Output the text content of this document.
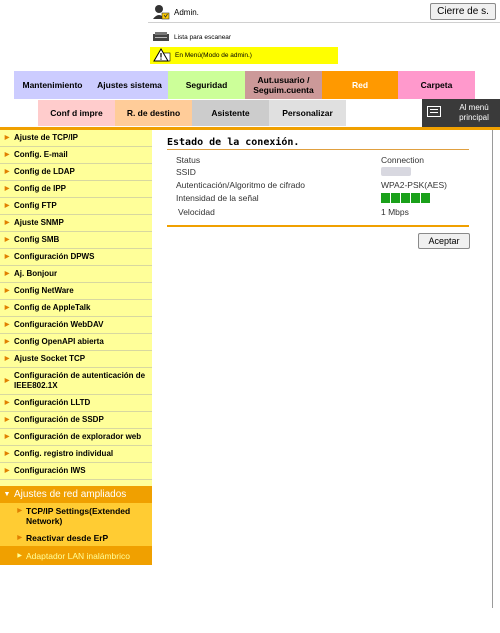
Admin.	Cierre de s.
Lista para escanear
En Menú(Modo de admin.)
Mantenimiento	Ajustes sistema	Seguridad	Aut.usuario / Seguim.cuenta	Red	Carpeta
Conf d impre	R. de destino	Asistente	Personalizar
Al menú principal
▶ Ajuste de TCP/IP
▶ Config. E-mail
▶ Config de LDAP
▶ Config de IPP
▶ Config FTP
▶ Ajuste SNMP
▶ Config SMB
▶ Configuración DPWS
▶ Aj. Bonjour
▶ Config NetWare
▶ Config de AppleTalk
▶ Configuración WebDAV
▶ Config OpenAPI abierta
▶ Ajuste Socket TCP
▶
Configuración de autenticación de IEEE802.1X
▶ Configuración LLTD
▶ Configuración de SSDP
▶ Configuración de explorador web
▶ Config. registro individual
▶ Configuración IWS
▼ Ajustes de red ampliados
▶ TCP/IP Settings(Extended Network)
▶ Reactivar desde ErP
▶ Adaptador LAN inalámbrico
Estado de la conexión.
Status	Connection
SSID
Autenticación/Algoritmo de cifrado	WPA2-PSK(AES)
Intensidad de la señal
Velocidad	1 Mbps
Aceptar
